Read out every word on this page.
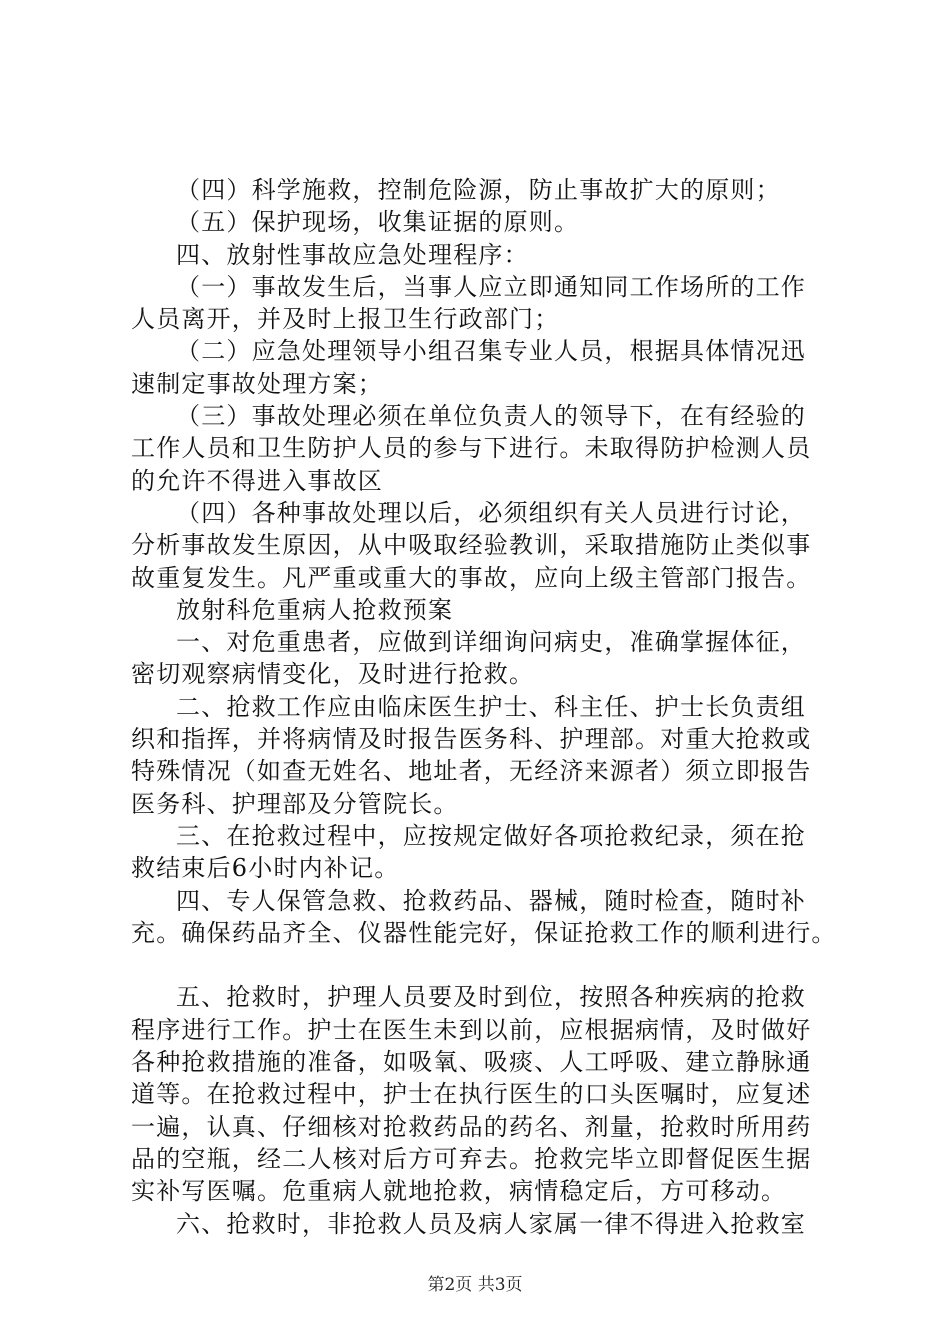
（四）科学施救，控制危险源，防止事故扩大的原则；
（五）保护现场，收集证据的原则。
四、放射性事故应急处理程序：
（一）事故发生后，当事人应立即通知同工作场所的工作
人员离开，并及时上报卫生行政部门；
（二）应急处理领导小组召集专业人员，根据具体情况迅
速制定事故处理方案；
（三）事故处理必须在单位负责人的领导下，在有经验的
工作人员和卫生防护人员的参与下进行。未取得防护检测人员
的允许不得进入事故区
（四）各种事故处理以后，必须组织有关人员进行讨论，
分析事故发生原因，从中吸取经验教训，采取措施防止类似事
故重复发生。凡严重或重大的事故，应向上级主管部门报告。
放射科危重病人抢救预案
一、对危重患者，应做到详细询问病史，准确掌握体征，
密切观察病情变化，及时进行抢救。
二、抢救工作应由临床医生护士、科主任、护士长负责组
织和指挥，并将病情及时报告医务科、护理部。对重大抢救或
特殊情况（如查无姓名、地址者，无经济来源者）须立即报告
医务科、护理部及分管院长。
三、在抢救过程中，应按规定做好各项抢救纪录，须在抢
救结束后6小时内补记。
四、专人保管急救、抢救药品、器械，随时检查，随时补
充。确保药品齐全、仪器性能完好，保证抢救工作的顺利进行。
五、抢救时，护理人员要及时到位，按照各种疾病的抢救
程序进行工作。护士在医生未到以前，应根据病情，及时做好
各种抢救措施的准备，如吸氧、吸痰、人工呼吸、建立静脉通
道等。在抢救过程中，护士在执行医生的口头医嘱时，应复述
一遍，认真、仔细核对抢救药品的药名、剂量，抢救时所用药
品的空瓶，经二人核对后方可弃去。抢救完毕立即督促医生据
实补写医嘱。危重病人就地抢救，病情稳定后，方可移动。
六、抢救时，非抢救人员及病人家属一律不得进入抢救室
第2页 共3页
